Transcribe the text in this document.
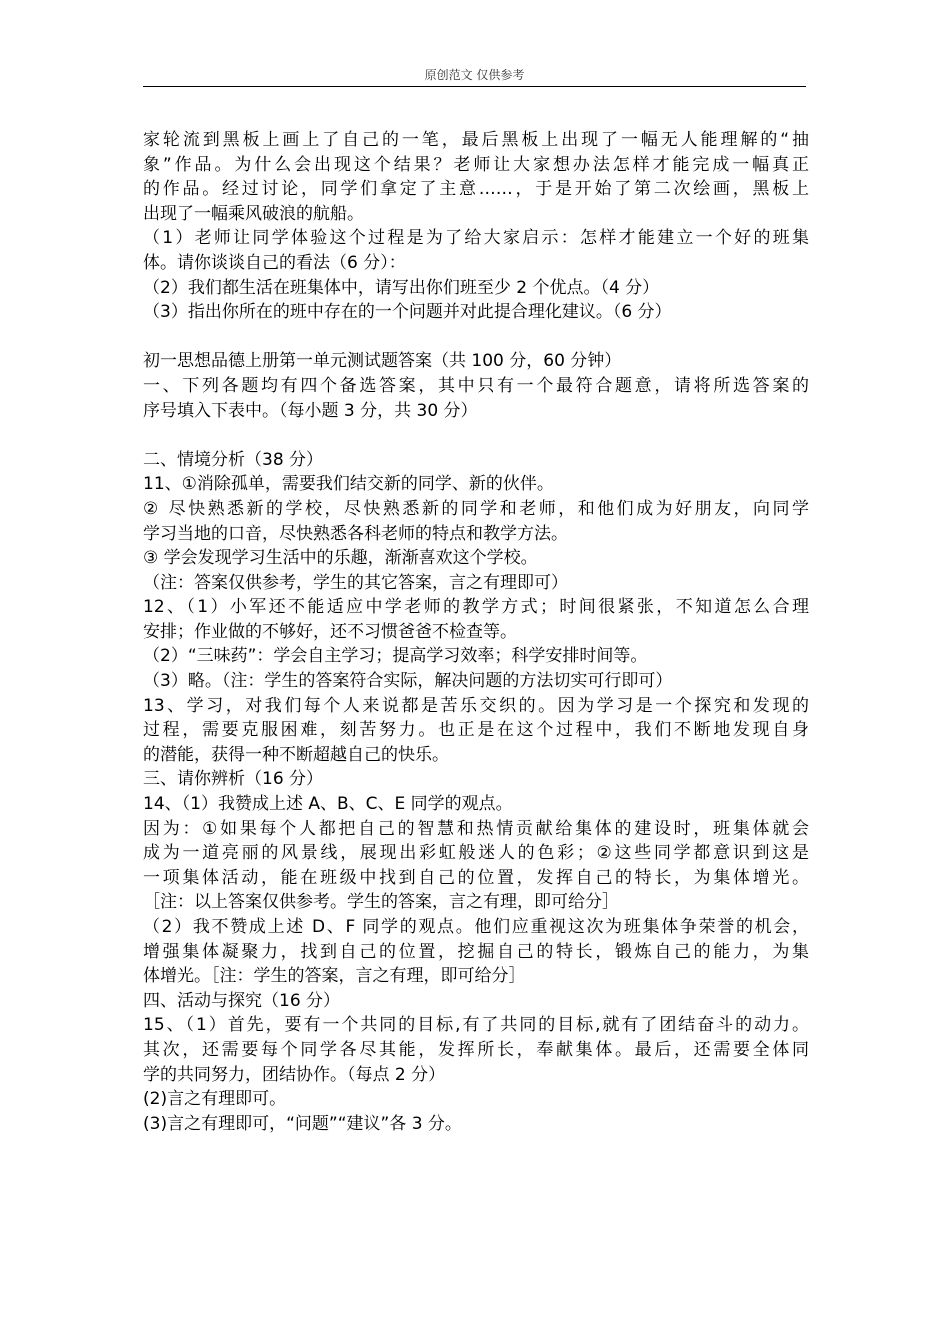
原创范文 仅供参考
家轮流到黑板上画上了自己的一笔，最后黑板上出现了一幅无人能理解的“抽
象”作品。为什么会出现这个结果？老师让大家想办法怎样才能完成一幅真正
的作品。经过讨论，同学们拿定了主意……，于是开始了第二次绘画，黑板上
出现了一幅乘风破浪的航船。
（1）老师让同学体验这个过程是为了给大家启示：怎样才能建立一个好的班集
体。请你谈谈自己的看法（6 分）：
（2）我们都生活在班集体中，请写出你们班至少 2 个优点。（4 分）
（3）指出你所在的班中存在的一个问题并对此提合理化建议。（6 分）
初一思想品德上册第一单元测试题答案（共 100 分，60 分钟）
一、下列各题均有四个备选答案，其中只有一个最符合题意，请将所选答案的
序号填入下表中。（每小题 3 分，共 30 分）
二、情境分析（38 分）
11、①消除孤单，需要我们结交新的同学、新的伙伴。
② 尽快熟悉新的学校，尽快熟悉新的同学和老师，和他们成为好朋友，向同学
学习当地的口音，尽快熟悉各科老师的特点和教学方法。
③ 学会发现学习生活中的乐趣，渐渐喜欢这个学校。
（注：答案仅供参考，学生的其它答案，言之有理即可）
12、（1）小军还不能适应中学老师的教学方式；时间很紧张，不知道怎么合理
安排；作业做的不够好，还不习惯爸爸不检查等。
（2）“三味药”：学会自主学习；提高学习效率；科学安排时间等。
（3）略。（注：学生的答案符合实际，解决问题的方法切实可行即可）
13、学习，对我们每个人来说都是苦乐交织的。因为学习是一个探究和发现的
过程，需要克服困难，刻苦努力。也正是在这个过程中，我们不断地发现自身
的潜能，获得一种不断超越自己的快乐。
三、请你辨析（16 分）
14、（1）我赞成上述 A、B、C、E 同学的观点。
因为：①如果每个人都把自己的智慧和热情贡献给集体的建设时，班集体就会
成为一道亮丽的风景线，展现出彩虹般迷人的色彩；②这些同学都意识到这是
一项集体活动，能在班级中找到自己的位置，发挥自己的特长，为集体增光。
［注：以上答案仅供参考。学生的答案，言之有理，即可给分］
（2）我不赞成上述 D、F 同学的观点。他们应重视这次为班集体争荣誉的机会，
增强集体凝聚力，找到自己的位置，挖掘自己的特长，锻炼自己的能力，为集
体增光。［注：学生的答案，言之有理，即可给分］
四、活动与探究（16 分）
15、（1）首先，要有一个共同的目标,有了共同的目标,就有了团结奋斗的动力。
其次，还需要每个同学各尽其能，发挥所长，奉献集体。最后，还需要全体同
学的共同努力，团结协作。（每点 2 分）
(2)言之有理即可。
(3)言之有理即可，“问题”“建议”各 3 分。
